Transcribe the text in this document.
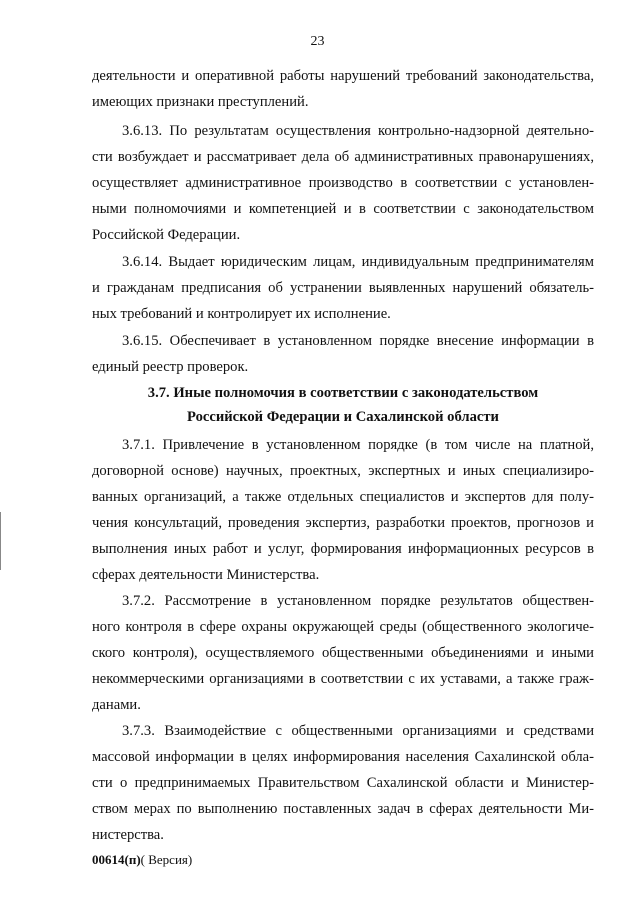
23
деятельности и оперативной работы нарушений требований законодательства,
имеющих признаки преступлений.
3.6.13. По результатам осуществления контрольно-надзорной деятельно-
сти возбуждает и рассматривает дела об административных правонарушениях,
осуществляет административное производство в соответствии с установлен-
ными полномочиями и компетенцией и в соответствии с законодательством
Российской Федерации.
3.6.14. Выдает юридическим лицам, индивидуальным предпринимателям
и гражданам предписания об устранении выявленных нарушений обязатель-
ных требований и контролирует их исполнение.
3.6.15. Обеспечивает в установленном порядке внесение информации в
единый реестр проверок.
3.7. Иные полномочия в соответствии с законодательством
Российской Федерации и Сахалинской области
3.7.1. Привлечение в установленном порядке (в том числе на платной,
договорной основе) научных, проектных, экспертных и иных специализиро-
ванных организаций, а также отдельных специалистов и экспертов для полу-
чения консультаций, проведения экспертиз, разработки проектов, прогнозов и
выполнения иных работ и услуг, формирования информационных ресурсов в
сферах деятельности Министерства.
3.7.2. Рассмотрение в установленном порядке результатов обществен-
ного контроля в сфере охраны окружающей среды (общественного экологиче-
ского контроля), осуществляемого общественными объединениями и иными
некоммерческими организациями в соответствии с их уставами, а также граж-
данами.
3.7.3. Взаимодействие с общественными организациями и средствами
массовой информации в целях информирования населения Сахалинской обла-
сти о предпринимаемых Правительством Сахалинской области и Министер-
ством мерах по выполнению поставленных задач в сферах деятельности Ми-
нистерства.
00614(п)( Версия)
